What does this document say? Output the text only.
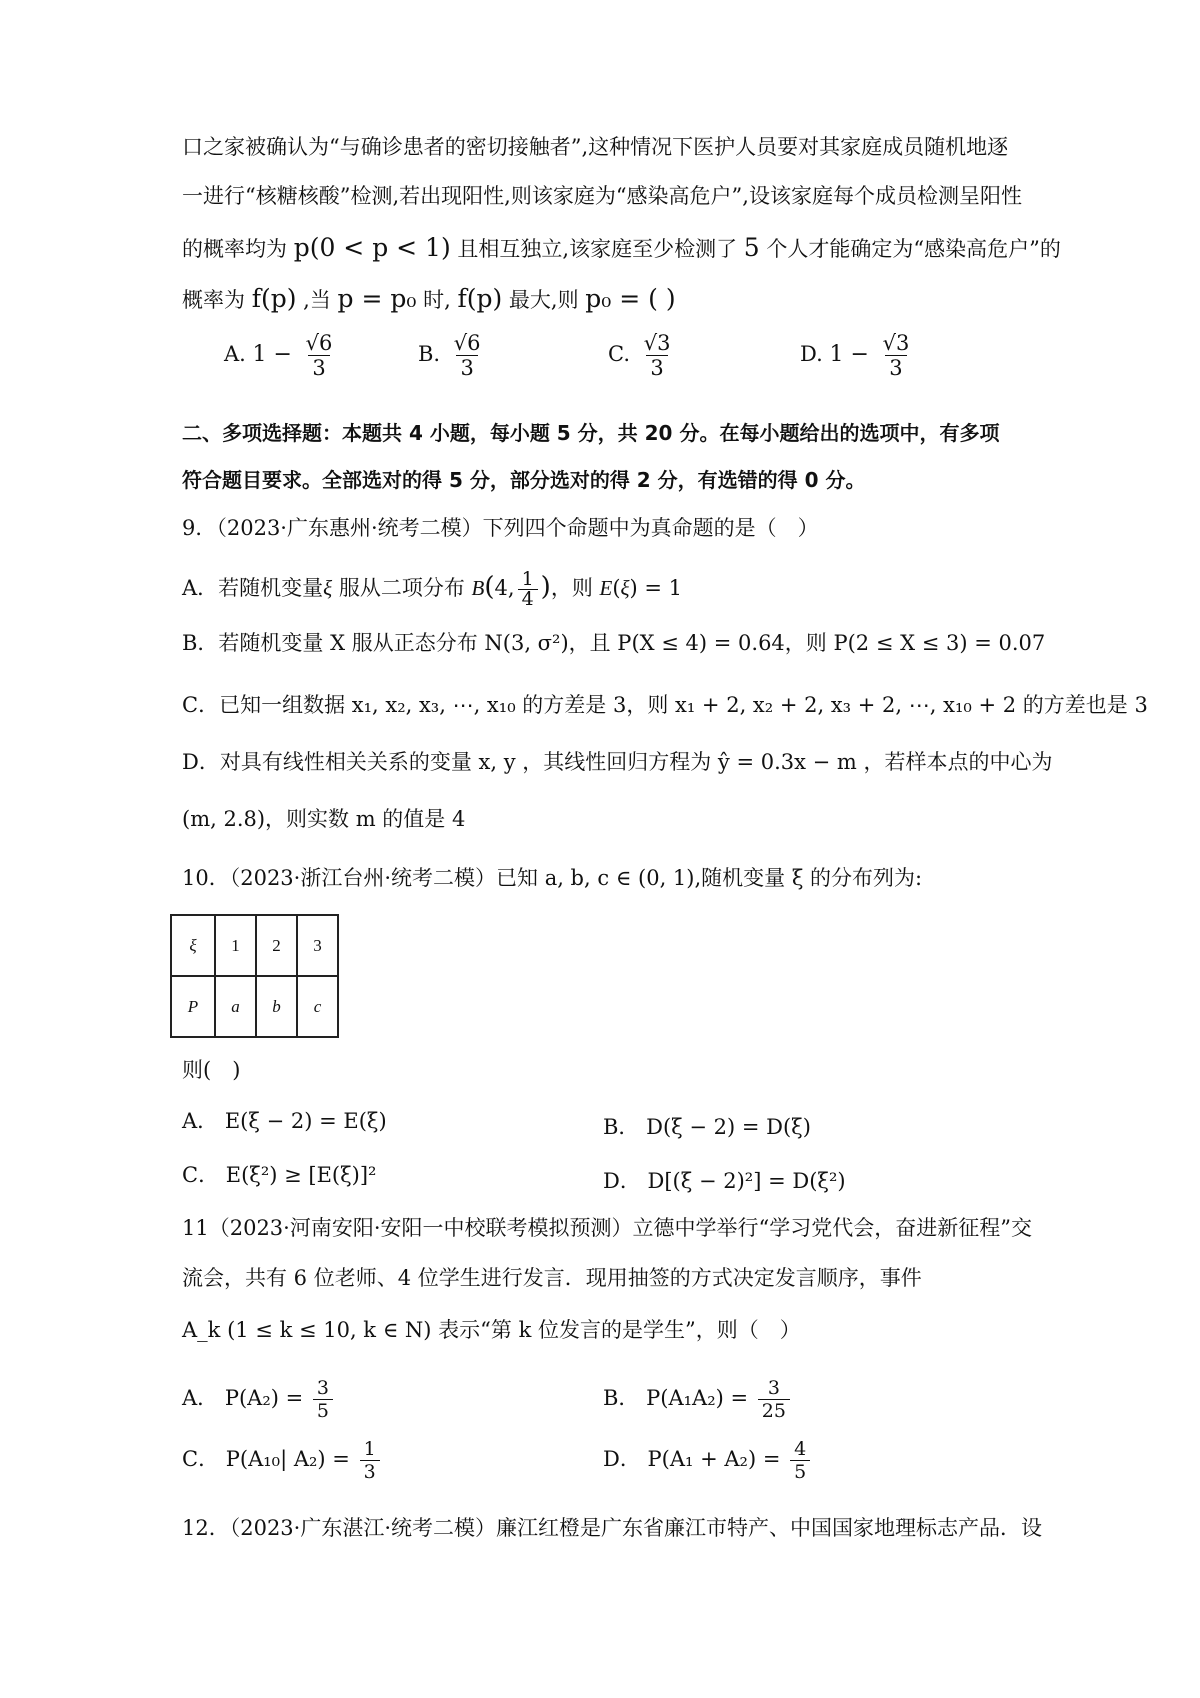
口之家被确认为“与确诊患者的密切接触者”,这种情况下医护人员要对其家庭成员随机地逐
一进行“核糖核酸”检测,若出现阳性,则该家庭为“感染高危户”,设该家庭每个成员检测呈阳性
的概率均为 p(0 < p < 1) 且相互独立,该家庭至少检测了 5 个人才能确定为“感染高危户”的
概率为 f(p) ,当 p = p₀ 时, f(p) 最大,则 p₀ = ( )
A. $1 - \frac{√6}{3}$	B. $\frac{√6}{3}$	C. $\frac{√3}{3}$	D. $1 - \frac{√3}{3}$
二、多项选择题：本题共 4 小题，每小题 5 分，共 20 分。在每小题给出的选项中，有多项
符合题目要求。全部选对的得 5 分，部分选对的得 2 分，有选错的得 0 分。
9．（2023·广东惠州·统考二模）下列四个命题中为真命题的是（　）
A．若随机变量ξ 服从二项分布 B(4, $\frac{1}{4}$ )，则 E(ξ) = 1
B．若随机变量 X 服从正态分布 N(3, σ²)，且 P(X ≤ 4) = 0.64，则 P(2 ≤ X ≤ 3) = 0.07
C．已知一组数据 x₁, x₂, x₃, ⋯, x₁₀ 的方差是 3，则 x₁ + 2, x₂ + 2, x₃ + 2, ⋯, x₁₀ + 2 的方差也是 3
D．对具有线性相关关系的变量 x, y ，其线性回归方程为 ŷ = 0.3x − m ，若样本点的中心为
(m, 2.8)，则实数 m 的值是 4
10．（2023·浙江台州·统考二模）已知 a, b, c ∈ (0, 1),随机变量 ξ 的分布列为:
ξ	1	2	3
P	a	b	c
则(　)
A． E(ξ − 2) = E(ξ)	B． D(ξ − 2) = D(ξ)
C． E(ξ²) ≥ [E(ξ)]²	D． D[(ξ − 2)²] = D(ξ²)
11（2023·河南安阳·安阳一中校联考模拟预测）立德中学举行“学习党代会，奋进新征程”交
流会，共有 6 位老师、4 位学生进行发言．现用抽签的方式决定发言顺序，事件
A_k (1 ≤ k ≤ 10, k ∈ N) 表示“第 k 位发言的是学生”，则（　）
A． $P(A_2) = \frac{3}{5}$	B． $P(A_1A_2) = \frac{3}{25}$
C． P(A₁₀| $A_2) = \frac{1}{3}$	D． $P(A_1 + A_2) = \frac{4}{5}$
12．（2023·广东湛江·统考二模）廉江红橙是广东省廉江市特产、中国国家地理标志产品．设
